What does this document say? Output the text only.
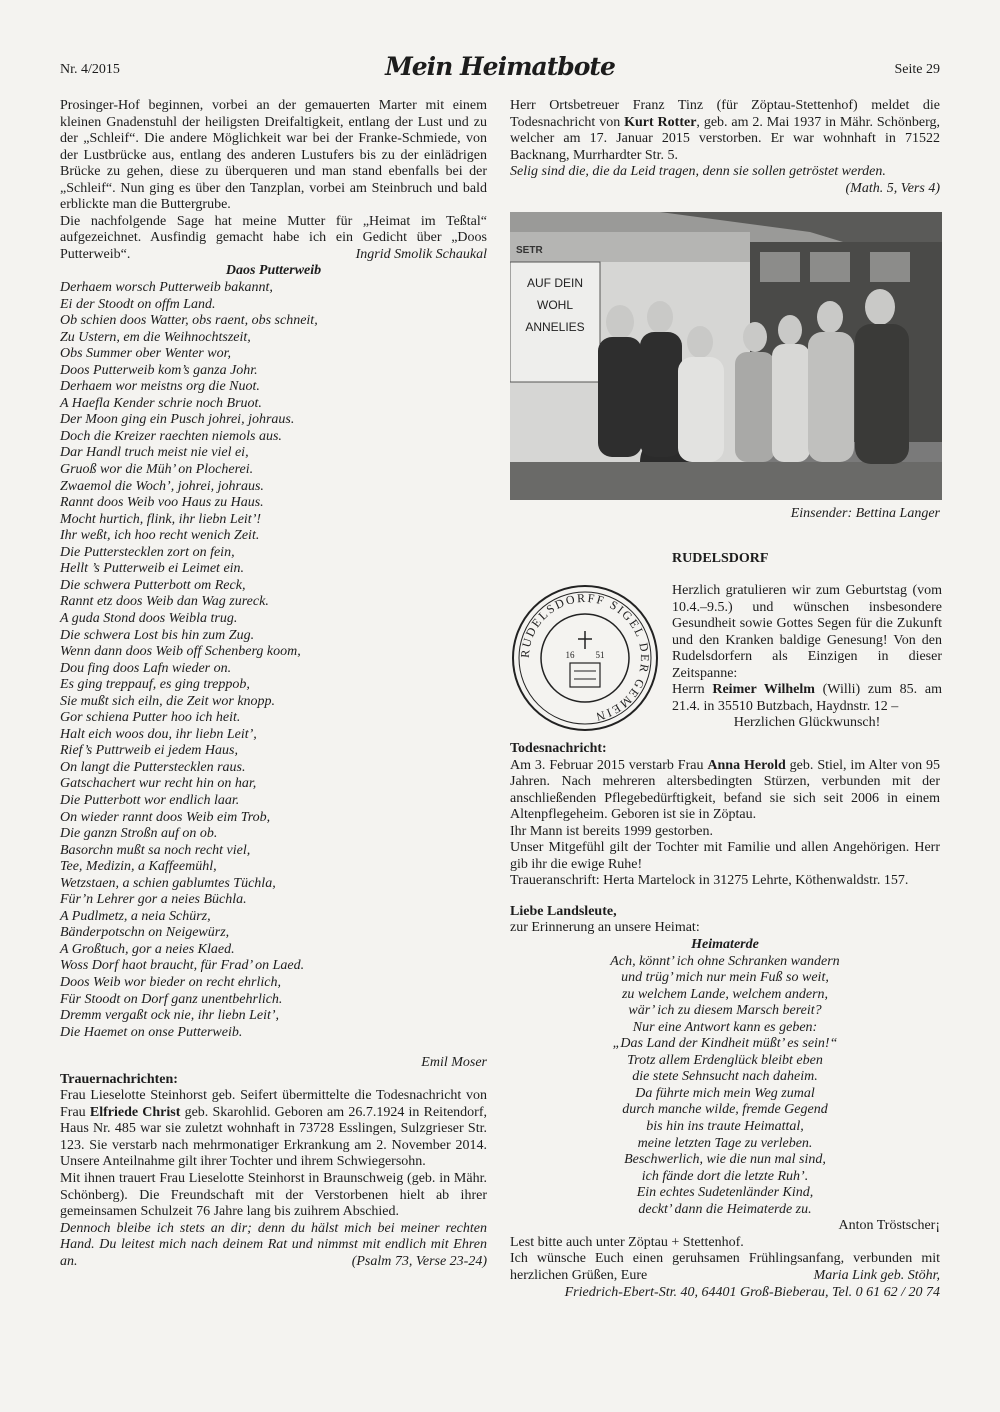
Nr. 4/2015	Mein Heimatbote	Seite 29

Prosinger-Hof beginnen, vorbei an der gemauerten Marter mit einem kleinen Gnadenstuhl der heiligsten Dreifaltigkeit, entlang der Lust und zu der „Schleif“. Die andere Möglichkeit war bei der Franke-Schmiede, von der Lustbrücke aus, entlang des anderen Lustufers bis zu der einlädrigen Brücke zu gehen, diese zu überqueren und man stand ebenfalls bei der „Schleif“. Nun ging es über den Tanzplan, vorbei am Steinbruch und bald erblickte man die Buttergrube.

Die nachfolgende Sage hat meine Mutter für „Heimat im Teßtal“ aufgezeichnet. Ausfindig gemacht habe ich ein Gedicht über „Doos Putterweib“.	Ingrid Smolik Schaukal

Daos Putterweib

Derhaem worsch Putterweib bakannt,
Ei der Stoodt on offm Land.
Ob schien doos Watter, obs raent, obs schneit,
Zu Ustern, em die Weihnochtszeit,
Obs Summer ober Wenter wor,
Doos Putterweib kom’s ganza Johr.
Derhaem wor meistns org die Nuot.
A Haefla Kender schrie noch Bruot.
Der Moon ging ein Pusch johrei, johraus.
Doch die Kreizer raechten niemols aus.
Dar Handl truch meist nie viel ei,
Gruoß wor die Müh’ on Plocherei.
Zwaemol die Woch’, johrei, johraus.
Rannt doos Weib voo Haus zu Haus.
Mocht hurtich, flink, ihr liebn Leit’!
Ihr weßt, ich hoo recht wenich Zeit.
Die Putterstecklen zort on fein,
Hellt ’s Putterweib ei Leimet ein.
Die schwera Putterbott om Reck,
Rannt etz doos Weib dan Wag zureck.
A guda Stond doos Weibla trug.
Die schwera Lost bis hin zum Zug.
Wenn dann doos Weib off Schenberg koom,
Dou fing doos Lafn wieder on.
Es ging treppauf, es ging treppob,
Sie mußt sich eiln, die Zeit wor knopp.
Gor schiena Putter hoo ich heit.
Halt eich woos dou, ihr liebn Leit’,
Rief’s Puttrweib ei jedem Haus,
On langt die Putterstecklen raus.
Gatschachert wur recht hin on har,
Die Putterbott wor endlich laar.
On wieder rannt doos Weib eim Trob,
Die ganzn Stroßn auf on ob.
Basorchn mußt sa noch recht viel,
Tee, Medizin, a Kaffeemühl,
Wetzstaen, a schien gablumtes Tüchla,
Für’n Lehrer gor a neies Büchla.
A Pudlmetz, a neia Schürz,
Bänderpotschn on Neigewürz,
A Großtuch, gor a neies Klaed.
Woss Dorf haot braucht, für Frad’ on Laed.
Doos Weib wor bieder on recht ehrlich,
Für Stoodt on Dorf ganz unentbehrlich.
Dremm vergaßt ock nie, ihr liebn Leit’,
Die Haemet on onse Putterweib.

Emil Moser

Trauernachrichten:

Frau Lieselotte Steinhorst geb. Seifert übermittelte die Todesnachricht von Frau Elfriede Christ geb. Skarohlid. Geboren am 26.7.1924 in Reitendorf, Haus Nr. 485 war sie zuletzt wohnhaft in 73728 Esslingen, Sulzgrieser Str. 123. Sie verstarb nach mehrmonatiger Erkrankung am 2. November 2014. Unsere Anteilnahme gilt ihrer Tochter und ihrem Schwiegersohn.

Mit ihnen trauert Frau Lieselotte Steinhorst in Braunschweig (geb. in Mähr. Schönberg). Die Freundschaft mit der Verstorbenen hielt ab ihrer gemeinsamen Schulzeit 76 Jahre lang bis zuihrem Abschied.

Dennoch bleibe ich stets an dir; denn du hälst mich bei meiner rechten Hand. Du leitest mich nach deinem Rat und nimmst mit endlich mit Ehren an.	(Psalm 73, Verse 23-24)

Herr Ortsbetreuer Franz Tinz (für Zöptau-Stettenhof) meldet die Todesnachricht von Kurt Rotter, geb. am 2. Mai 1937 in Mähr. Schönberg, welcher am 17. Januar 2015 verstorben. Er war wohnhaft in 71522 Backnang, Murrhardter Str. 5.

Selig sind die, die da Leid tragen, denn sie sollen getröstet werden.

(Math. 5, Vers 4)

SETR
AUF DEIN
WOHL
ANNELIES

Einsender: Bettina Langer

RUDELSDORF

RUDELSDORFF SIGEL DER GEMEIN
16 51

Herzlich gratulieren wir zum Geburtstag (vom 10.4.–9.5.) und wünschen insbesondere Gesundheit sowie Gottes Segen für die Zukunft und den Kranken baldige Genesung! Von den Rudelsdorfern als Einzigen in dieser Zeitspanne:

Herrn Reimer Wilhelm (Willi) zum 85. am 21.4. in 35510 Butzbach, Haydnstr. 12 –

Herzlichen Glückwunsch!

Todesnachricht:

Am 3. Februar 2015 verstarb Frau Anna Herold geb. Stiel, im Alter von 95 Jahren. Nach mehreren altersbedingten Stürzen, verbunden mit der anschließenden Pflegebedürftigkeit, befand sie sich seit 2006 in einem Altenpflegeheim. Geboren ist sie in Zöptau.

Ihr Mann ist bereits 1999 gestorben.

Unser Mitgefühl gilt der Tochter mit Familie und allen Angehörigen. Herr gib ihr die ewige Ruhe!

Traueranschrift: Herta Martelock in 31275 Lehrte, Köthenwaldstr. 157.

Liebe Landsleute,

zur Erinnerung an unsere Heimat:

Heimaterde

Ach, könnt’ ich ohne Schranken wandern
und trüg’ mich nur mein Fuß so weit,
zu welchem Lande, welchem andern,
wär’ ich zu diesem Marsch bereit?
Nur eine Antwort kann es geben:
„Das Land der Kindheit müßt’ es sein!“
Trotz allem Erdenglück bleibt eben
die stete Sehnsucht nach daheim.
Da führte mich mein Weg zumal
durch manche wilde, fremde Gegend
bis hin ins traute Heimattal,
meine letzten Tage zu verleben.
Beschwerlich, wie die nun mal sind,
ich fände dort die letzte Ruh’.
Ein echtes Sudetenländer Kind,
deckt’ dann die Heimaterde zu.

Anton Tröstscher¡

Lest bitte auch unter Zöptau + Stettenhof.

Ich wünsche Euch einen geruhsamen Frühlingsanfang, verbunden mit herzlichen Grüßen, Eure	Maria Link geb. Stöhr,

Friedrich-Ebert-Str. 40, 64401 Groß-Bieberau, Tel. 0 61 62 / 20 74
